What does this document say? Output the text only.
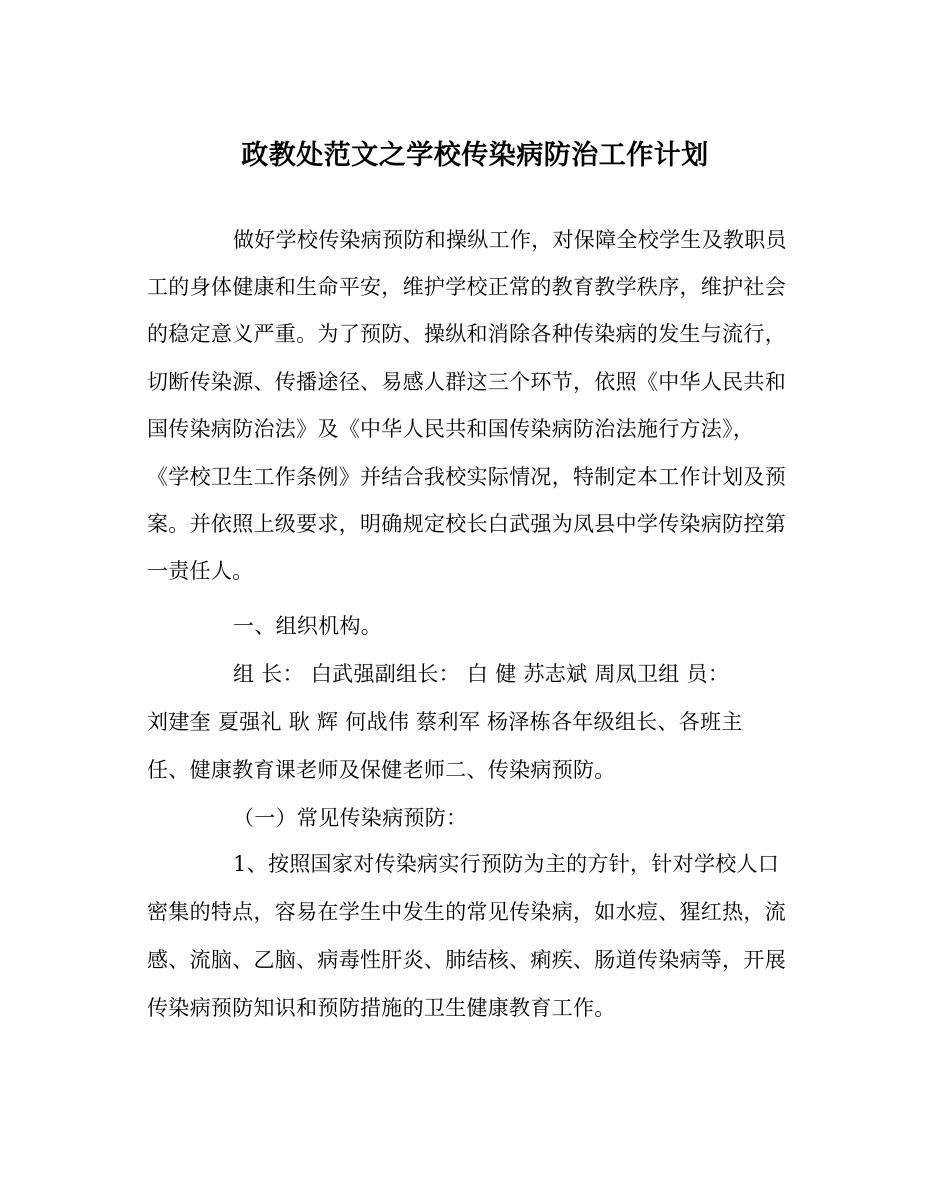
政教处范文之学校传染病防治工作计划
做好学校传染病预防和操纵工作，对保障全校学生及教职员
工的身体健康和生命平安，维护学校正常的教育教学秩序，维护社会
的稳定意义严重。为了预防、操纵和消除各种传染病的发生与流行，
切断传染源、传播途径、易感人群这三个环节，依照《中华人民共和
国传染病防治法》及《中华人民共和国传染病防治法施行方法》，
《学校卫生工作条例》并结合我校实际情况，特制定本工作计划及预
案。并依照上级要求，明确规定校长白武强为凤县中学传染病防控第
一责任人。
一、组织机构。
组 长： 白武强副组长： 白 健 苏志斌 周凤卫组 员：
刘建奎 夏强礼 耿 辉 何战伟 蔡利军 杨泽栋各年级组长、各班主
任、健康教育课老师及保健老师二、传染病预防。
（一）常见传染病预防：
1、按照国家对传染病实行预防为主的方针，针对学校人口
密集的特点，容易在学生中发生的常见传染病，如水痘、猩红热，流
感、流脑、乙脑、病毒性肝炎、肺结核、痢疾、肠道传染病等，开展
传染病预防知识和预防措施的卫生健康教育工作。
